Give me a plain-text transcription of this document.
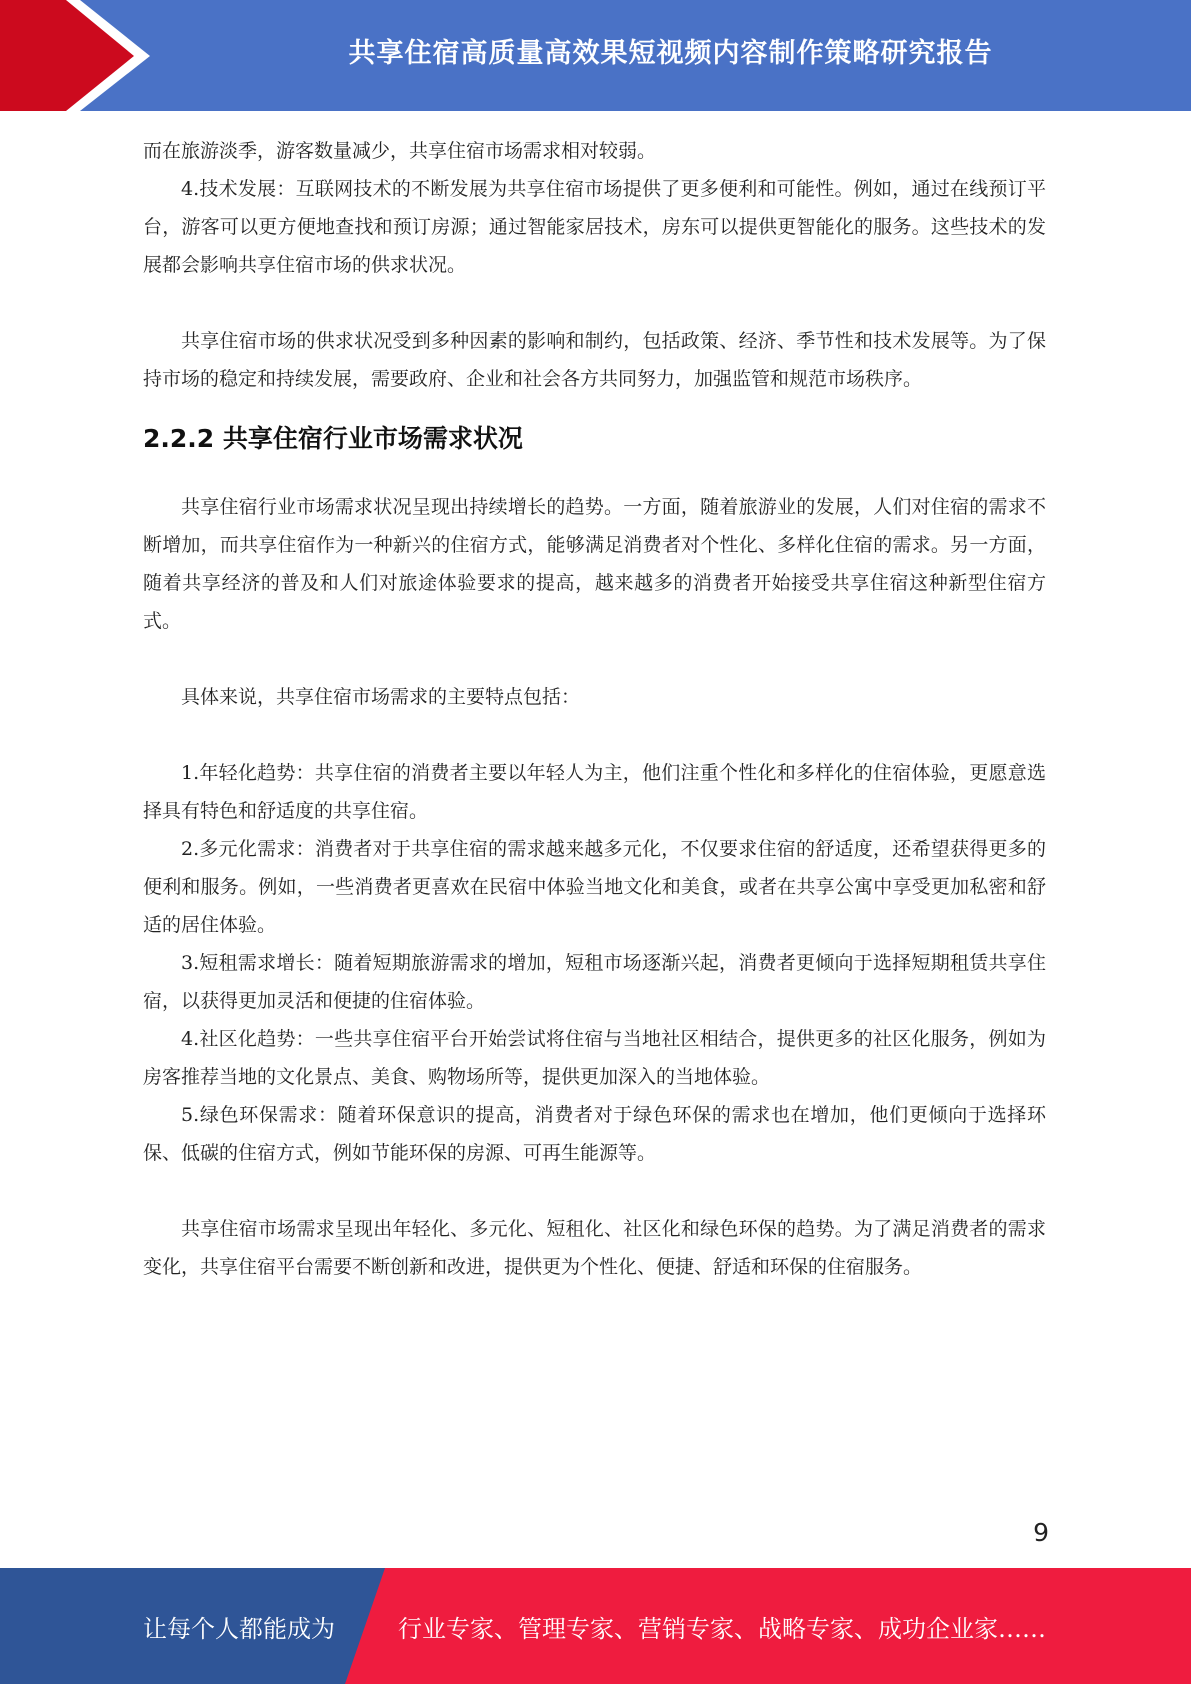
共享住宿高质量高效果短视频内容制作策略研究报告

而在旅游淡季，游客数量减少，共享住宿市场需求相对较弱。

4.技术发展：互联网技术的不断发展为共享住宿市场提供了更多便利和可能性。例如，通过在线预订平台，游客可以更方便地查找和预订房源；通过智能家居技术，房东可以提供更智能化的服务。这些技术的发展都会影响共享住宿市场的供求状况。

共享住宿市场的供求状况受到多种因素的影响和制约，包括政策、经济、季节性和技术发展等。为了保持市场的稳定和持续发展，需要政府、企业和社会各方共同努力，加强监管和规范市场秩序。

2.2.2 共享住宿行业市场需求状况

共享住宿行业市场需求状况呈现出持续增长的趋势。一方面，随着旅游业的发展，人们对住宿的需求不断增加，而共享住宿作为一种新兴的住宿方式，能够满足消费者对个性化、多样化住宿的需求。另一方面，随着共享经济的普及和人们对旅途体验要求的提高，越来越多的消费者开始接受共享住宿这种新型住宿方式。

具体来说，共享住宿市场需求的主要特点包括：

1.年轻化趋势：共享住宿的消费者主要以年轻人为主，他们注重个性化和多样化的住宿体验，更愿意选择具有特色和舒适度的共享住宿。

2.多元化需求：消费者对于共享住宿的需求越来越多元化，不仅要求住宿的舒适度，还希望获得更多的便利和服务。例如，一些消费者更喜欢在民宿中体验当地文化和美食，或者在共享公寓中享受更加私密和舒适的居住体验。

3.短租需求增长：随着短期旅游需求的增加，短租市场逐渐兴起，消费者更倾向于选择短期租赁共享住宿，以获得更加灵活和便捷的住宿体验。

4.社区化趋势：一些共享住宿平台开始尝试将住宿与当地社区相结合，提供更多的社区化服务，例如为房客推荐当地的文化景点、美食、购物场所等，提供更加深入的当地体验。

5.绿色环保需求：随着环保意识的提高，消费者对于绿色环保的需求也在增加，他们更倾向于选择环保、低碳的住宿方式，例如节能环保的房源、可再生能源等。

共享住宿市场需求呈现出年轻化、多元化、短租化、社区化和绿色环保的趋势。为了满足消费者的需求变化，共享住宿平台需要不断创新和改进，提供更为个性化、便捷、舒适和环保的住宿服务。

9
让每个人都能成为	行业专家、管理专家、营销专家、战略专家、成功企业家……
